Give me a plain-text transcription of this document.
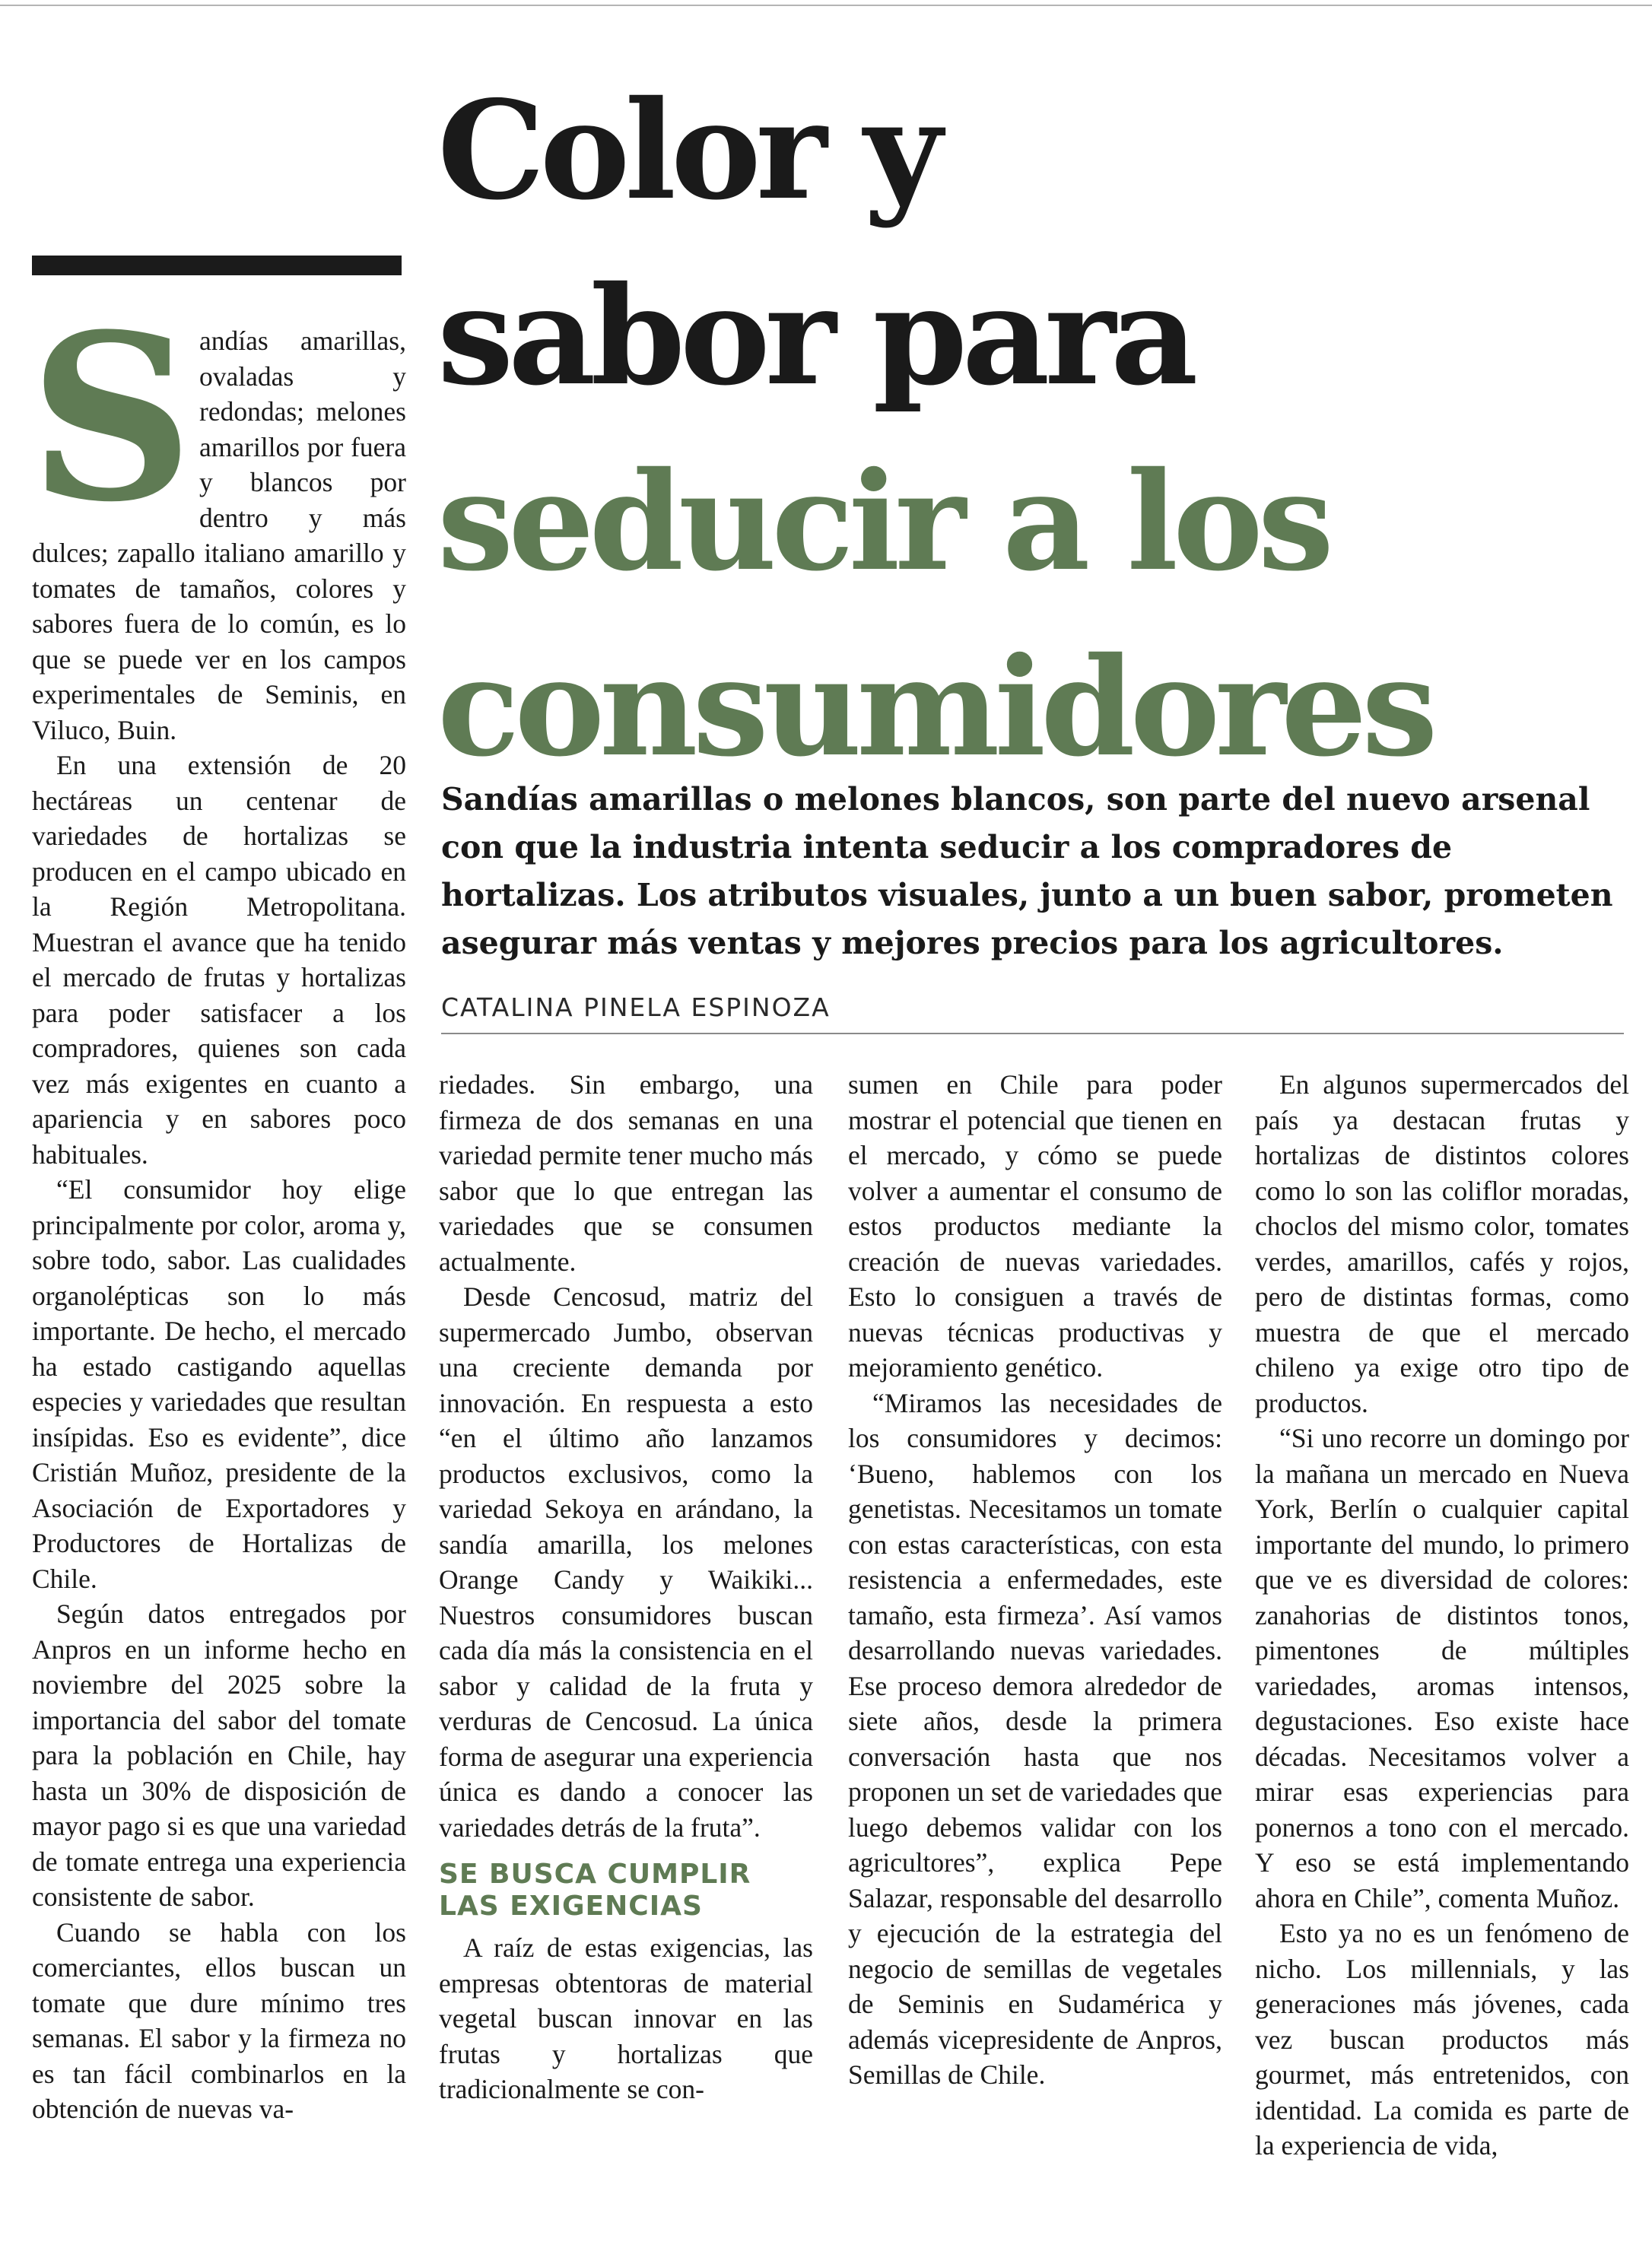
Color y
sabor para
seducir a los
consumidores
Sandías amarillas o melones blancos, son parte del nuevo arsenal
con que la industria intenta seducir a los compradores de
hortalizas. Los atributos visuales, junto a un buen sabor, prometen
asegurar más ventas y mejores precios para los agricultores.
CATALINA PINELA ESPINOZA

Sandías amarillas, ovaladas y redondas; melones amarillos por fuera y blancos por dentro y más dulces; zapallo italiano amarillo y tomates de tamaños, colores y sabores fuera de lo común, es lo que se puede ver en los campos experimentales de Seminis, en Viluco, Buin.

En una extensión de 20 hectáreas un centenar de variedades de hortalizas se producen en el campo ubicado en la Región Metropolitana. Muestran el avance que ha tenido el mercado de frutas y hortalizas para poder satisfacer a los compradores, quienes son cada vez más exigentes en cuanto a apariencia y en sabores poco habituales.

“El consumidor hoy elige principalmente por color, aroma y, sobre todo, sabor. Las cualidades organolépticas son lo más importante. De hecho, el mercado ha estado castigando aquellas especies y variedades que resultan insípidas. Eso es evidente”, dice Cristián Muñoz, presidente de la Asociación de Exportadores y Productores de Hortalizas de Chile.

Según datos entregados por Anpros en un informe hecho en noviembre del 2025 sobre la importancia del sabor del tomate para la población en Chile, hay hasta un 30% de disposición de mayor pago si es que una variedad de tomate entrega una experiencia consistente de sabor.

Cuando se habla con los comerciantes, ellos buscan un tomate que dure mínimo tres semanas. El sabor y la firmeza no es tan fácil combinarlos en la obtención de nuevas va-

riedades. Sin embargo, una firmeza de dos semanas en una variedad permite tener mucho más sabor que lo que entregan las variedades que se consumen actualmente.

Desde Cencosud, matriz del supermercado Jumbo, observan una creciente demanda por innovación. En respuesta a esto “en el último año lanzamos productos exclusivos, como la variedad Sekoya en arándano, la sandía amarilla, los melones Orange Candy y Waikiki... Nuestros consumidores buscan cada día más la consistencia en el sabor y calidad de la fruta y verduras de Cencosud. La única forma de asegurar una experiencia única es dando a conocer las variedades detrás de la fruta”.

SE BUSCA CUMPLIR
LAS EXIGENCIAS

A raíz de estas exigencias, las empresas obtentoras de material vegetal buscan innovar en las frutas y hortalizas que tradicionalmente se con-

sumen en Chile para poder mostrar el potencial que tienen en el mercado, y cómo se puede volver a aumentar el consumo de estos productos mediante la creación de nuevas variedades. Esto lo consiguen a través de nuevas técnicas productivas y mejoramiento genético.

“Miramos las necesidades de los consumidores y decimos: ‘Bueno, hablemos con los genetistas. Necesitamos un tomate con estas características, con esta resistencia a enfermedades, este tamaño, esta firmeza’. Así vamos desarrollando nuevas variedades. Ese proceso demora alrededor de siete años, desde la primera conversación hasta que nos proponen un set de variedades que luego debemos validar con los agricultores”, explica Pepe Salazar, responsable del desarrollo y ejecución de la estrategia del negocio de semillas de vegetales de Seminis en Sudamérica y además vicepresidente de Anpros, Semillas de Chile.

En algunos supermercados del país ya destacan frutas y hortalizas de distintos colores como lo son las coliflor moradas, choclos del mismo color, tomates verdes, amarillos, cafés y rojos, pero de distintas formas, como muestra de que el mercado chileno ya exige otro tipo de productos.

“Si uno recorre un domingo por la mañana un mercado en Nueva York, Berlín o cualquier capital importante del mundo, lo primero que ve es diversidad de colores: zanahorias de distintos tonos, pimentones de múltiples variedades, aromas intensos, degustaciones. Eso existe hace décadas. Necesitamos volver a mirar esas experiencias para ponernos a tono con el mercado. Y eso se está implementando ahora en Chile”, comenta Muñoz.

Esto ya no es un fenómeno de nicho. Los millennials, y las generaciones más jóvenes, cada vez buscan productos más gourmet, más entretenidos, con identidad. La comida es parte de la experiencia de vida,
